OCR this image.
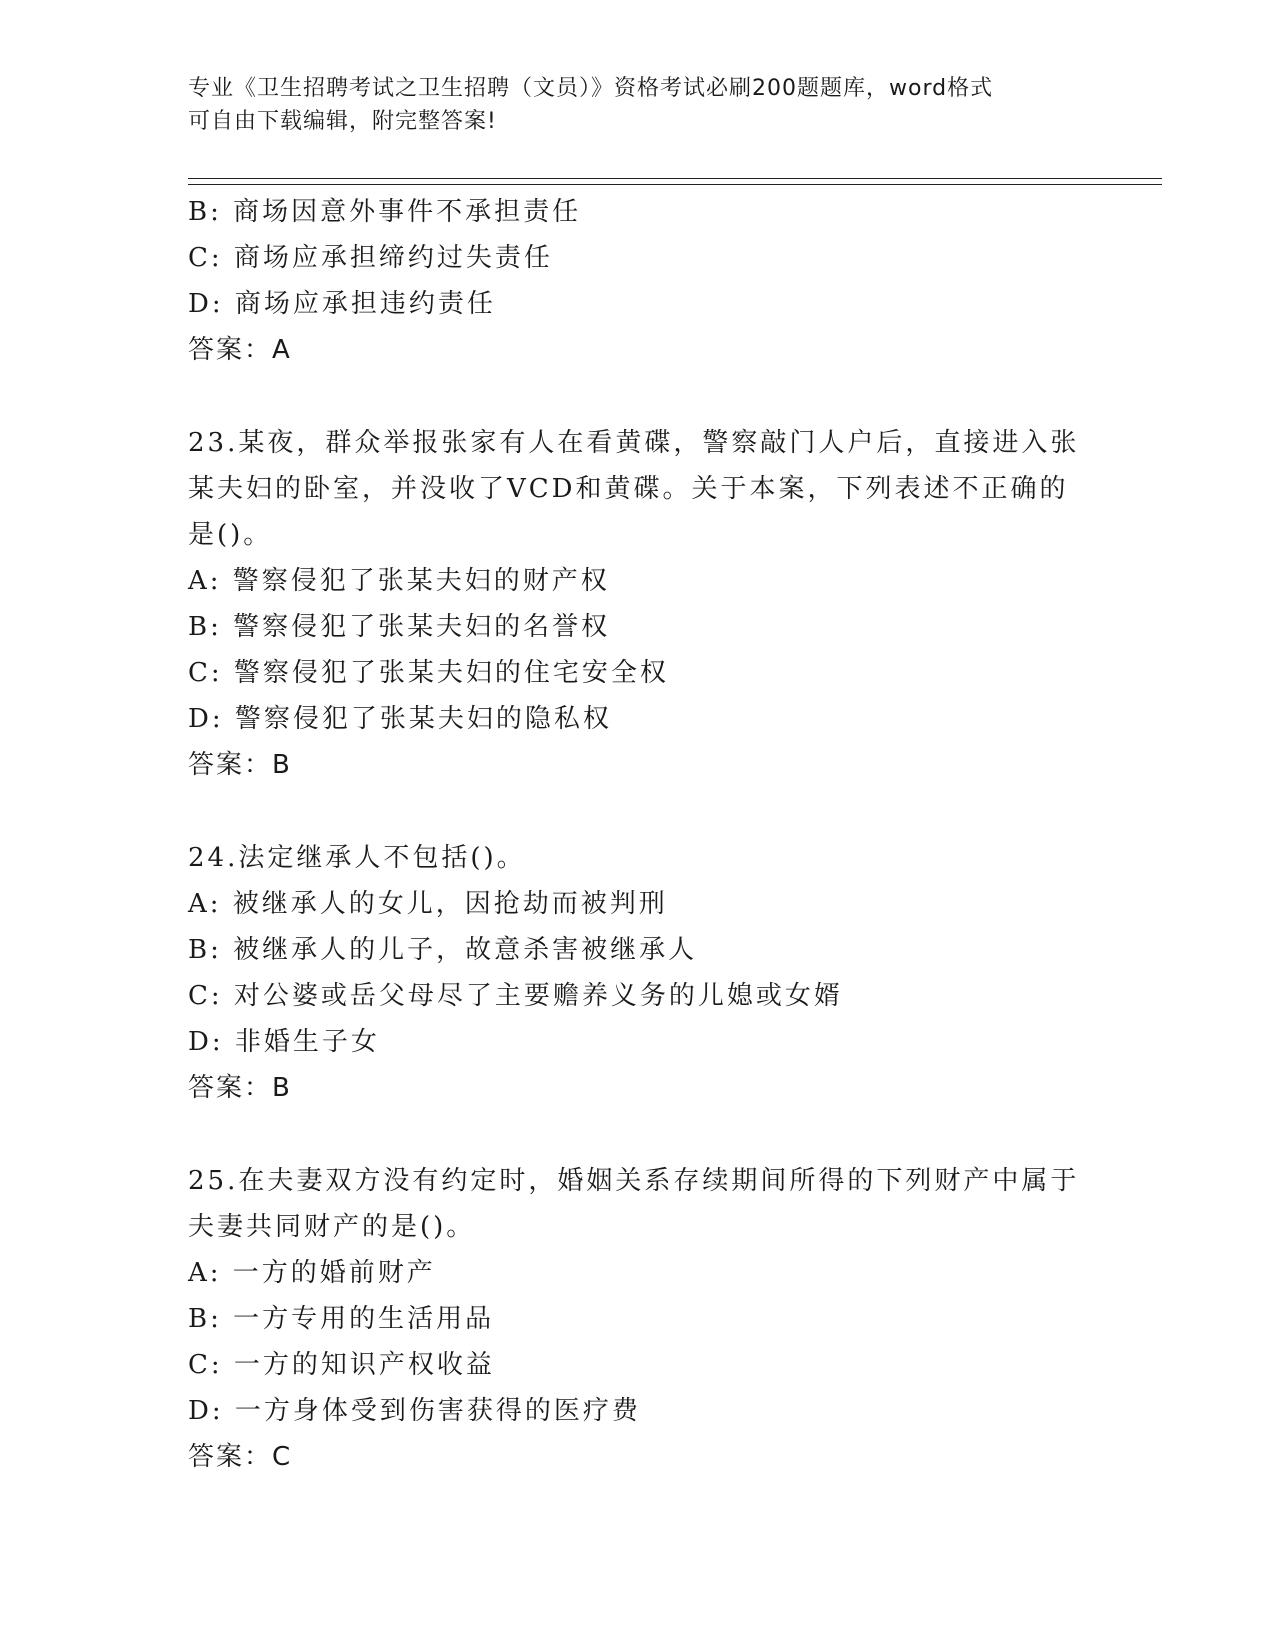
专业《卫生招聘考试之卫生招聘（文员）》资格考试必刷200题题库，word格式
可自由下载编辑，附完整答案!
B: 商场因意外事件不承担责任
C: 商场应承担缔约过失责任
D: 商场应承担违约责任
答案：A
23.某夜，群众举报张家有人在看黄碟，警察敲门人户后，直接进入张
某夫妇的卧室，并没收了VCD和黄碟。关于本案，下列表述不正确的
是()。
A: 警察侵犯了张某夫妇的财产权
B: 警察侵犯了张某夫妇的名誉权
C: 警察侵犯了张某夫妇的住宅安全权
D: 警察侵犯了张某夫妇的隐私权
答案：B
24.法定继承人不包括()。
A: 被继承人的女儿，因抢劫而被判刑
B: 被继承人的儿子，故意杀害被继承人
C: 对公婆或岳父母尽了主要赡养义务的儿媳或女婿
D: 非婚生子女
答案：B
25.在夫妻双方没有约定时，婚姻关系存续期间所得的下列财产中属于
夫妻共同财产的是()。
A: 一方的婚前财产
B: 一方专用的生活用品
C: 一方的知识产权收益
D: 一方身体受到伤害获得的医疗费
答案：C
